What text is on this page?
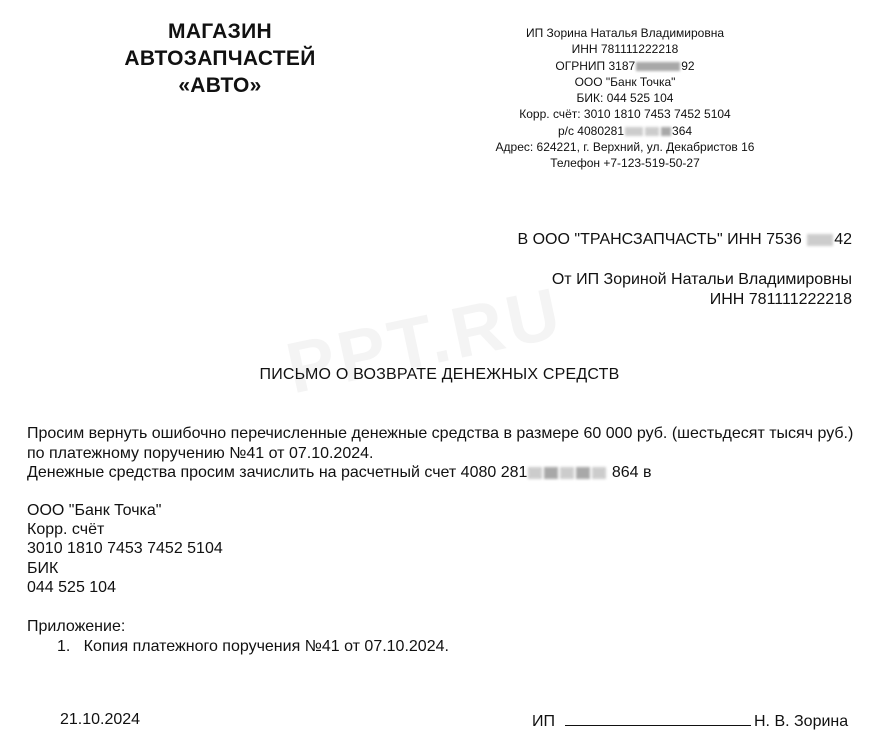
МАГАЗИН
АВТОЗАПЧАСТЕЙ
«АВТО»
ИП Зорина Наталья Владимировна
ИНН 781111222218
ОГРНИП 3187	92
ООО "Банк Точка"
БИК: 044 525 104
Корр. счёт: 3010 1810 7453 7452 5104
р/с 4080281	364
Адрес: 624221, г. Верхний, ул. Декабристов 16
Телефон +7-123-519-50-27
В ООО "ТРАНСЗАПЧАСТЬ" ИНН 7536 42
От ИП Зориной Натальи Владимировны
ИНН 781111222218
ПИСЬМО О ВОЗВРАТЕ ДЕНЕЖНЫХ СРЕДСТВ
Просим вернуть ошибочно перечисленные денежные средства в размере 60 000 руб. (шестьдесят тысяч руб.) по платежному поручению №41 от 07.10.2024.
Денежные средства просим зачислить на расчетный счет 4080 281	864 в
ООО "Банк Точка"
Корр. счёт
3010 1810 7453 7452 5104
БИК
044 525 104
Приложение:
1.   Копия платежного поручения №41 от 07.10.2024.
21.10.2024	ИП	Н. В. Зорина
